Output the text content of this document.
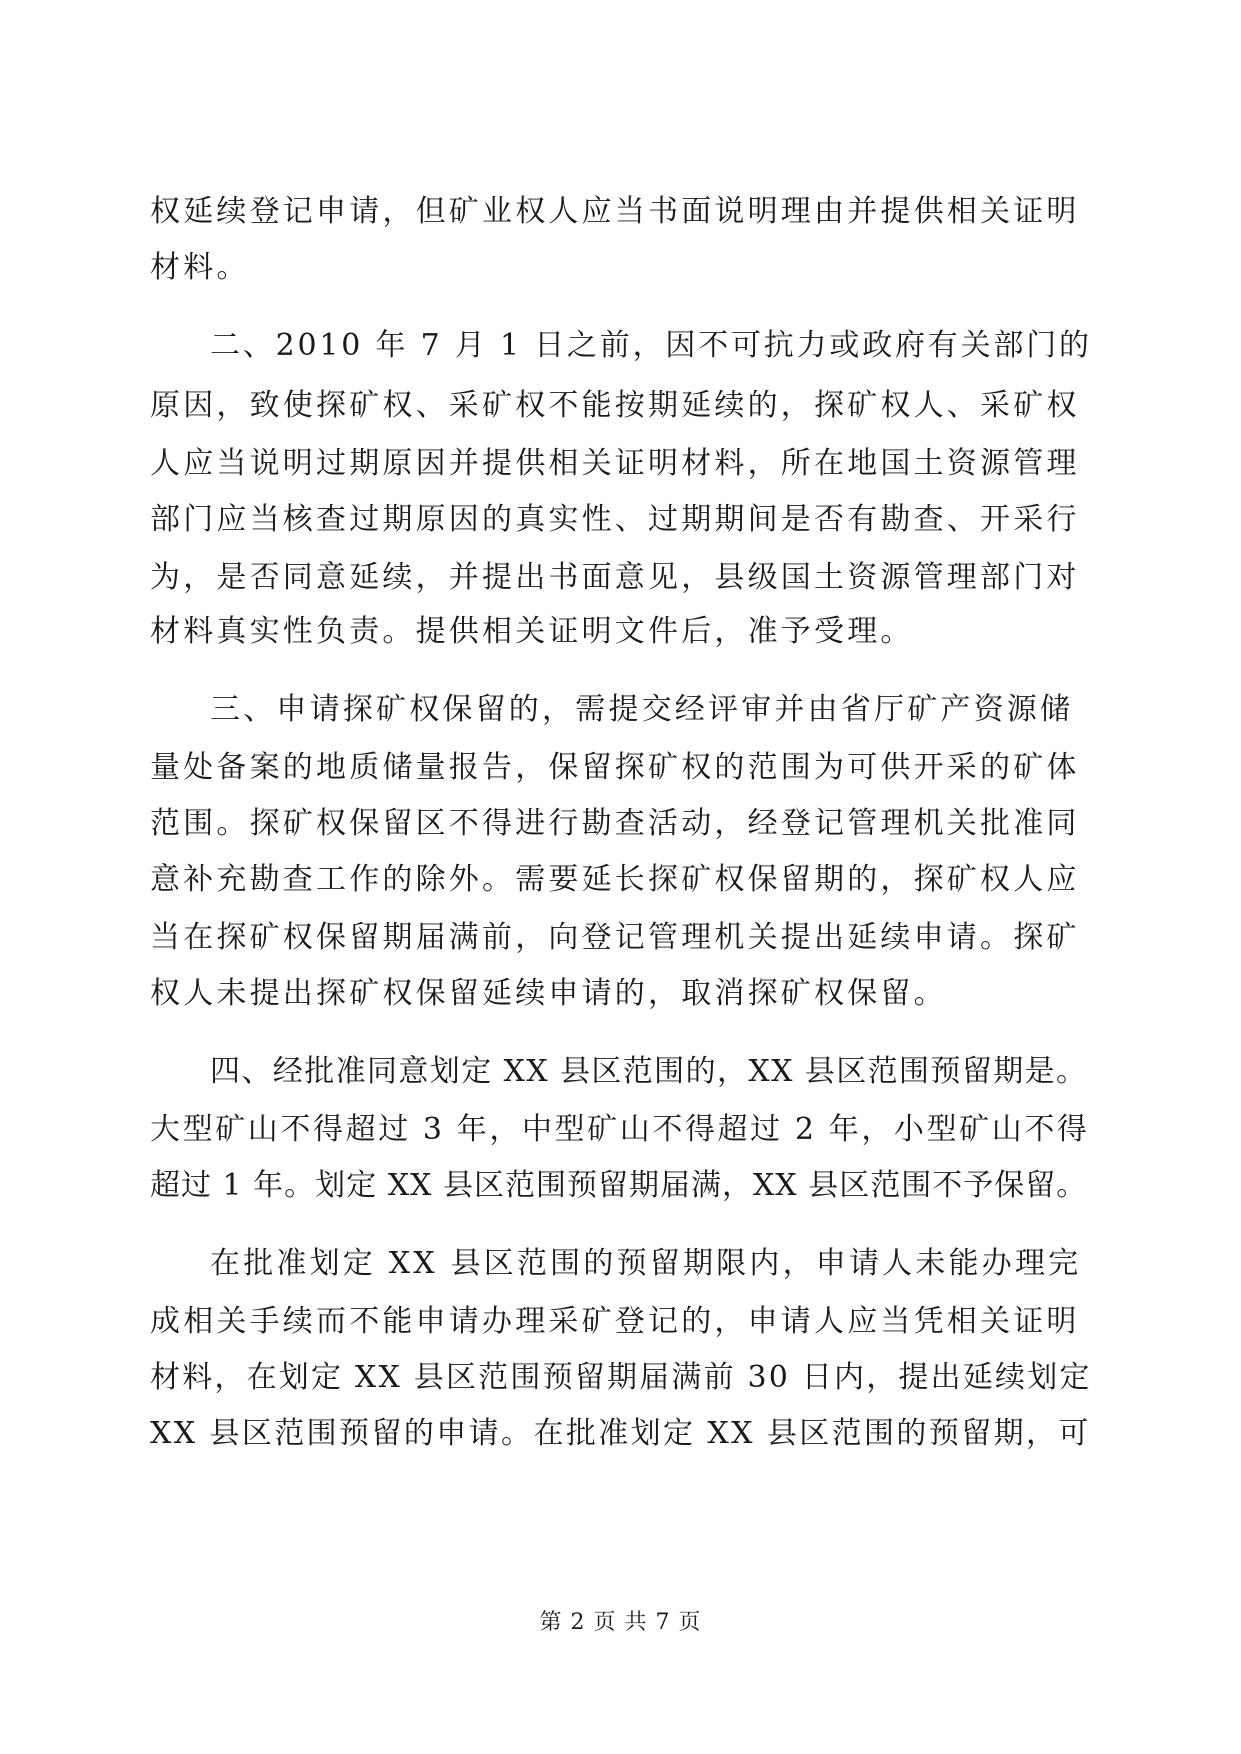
权延续登记申请，但矿业权人应当书面说明理由并提供相关证明
材料。
二、2010 年 7 月 1 日之前，因不可抗力或政府有关部门的
原因，致使探矿权、采矿权不能按期延续的，探矿权人、采矿权
人应当说明过期原因并提供相关证明材料，所在地国土资源管理
部门应当核查过期原因的真实性、过期期间是否有勘查、开采行
为，是否同意延续，并提出书面意见，县级国土资源管理部门对
材料真实性负责。提供相关证明文件后，准予受理。
三、申请探矿权保留的，需提交经评审并由省厅矿产资源储
量处备案的地质储量报告，保留探矿权的范围为可供开采的矿体
范围。探矿权保留区不得进行勘查活动，经登记管理机关批准同
意补充勘查工作的除外。需要延长探矿权保留期的，探矿权人应
当在探矿权保留期届满前，向登记管理机关提出延续申请。探矿
权人未提出探矿权保留延续申请的，取消探矿权保留。
四、经批准同意划定 XX 县区范围的，XX 县区范围预留期是。
大型矿山不得超过 3 年，中型矿山不得超过 2 年，小型矿山不得
超过 1 年。划定 XX 县区范围预留期届满，XX 县区范围不予保留。
在批准划定 XX 县区范围的预留期限内，申请人未能办理完
成相关手续而不能申请办理采矿登记的，申请人应当凭相关证明
材料，在划定 XX 县区范围预留期届满前 30 日内，提出延续划定
XX 县区范围预留的申请。在批准划定 XX 县区范围的预留期，可
第 2 页 共 7 页
